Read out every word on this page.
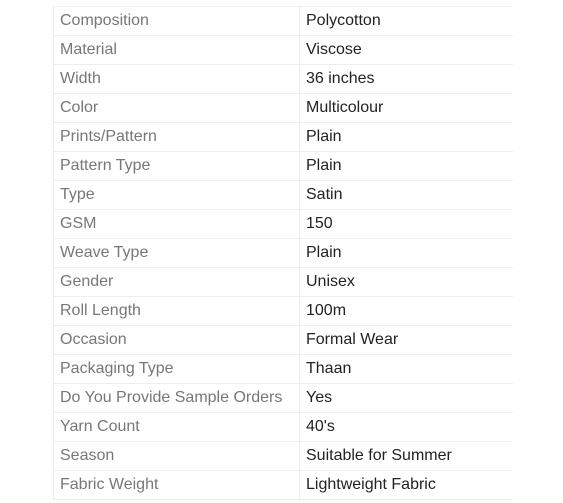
Composition	Polycotton
Material	Viscose
Width	36 inches
Color	Multicolour
Prints/Pattern	Plain
Pattern Type	Plain
Type	Satin
GSM	150
Weave Type	Plain
Gender	Unisex
Roll Length	100m
Occasion	Formal Wear
Packaging Type	Thaan
Do You Provide Sample Orders	Yes
Yarn Count	40's
Season	Suitable for Summer
Fabric Weight	Lightweight Fabric
